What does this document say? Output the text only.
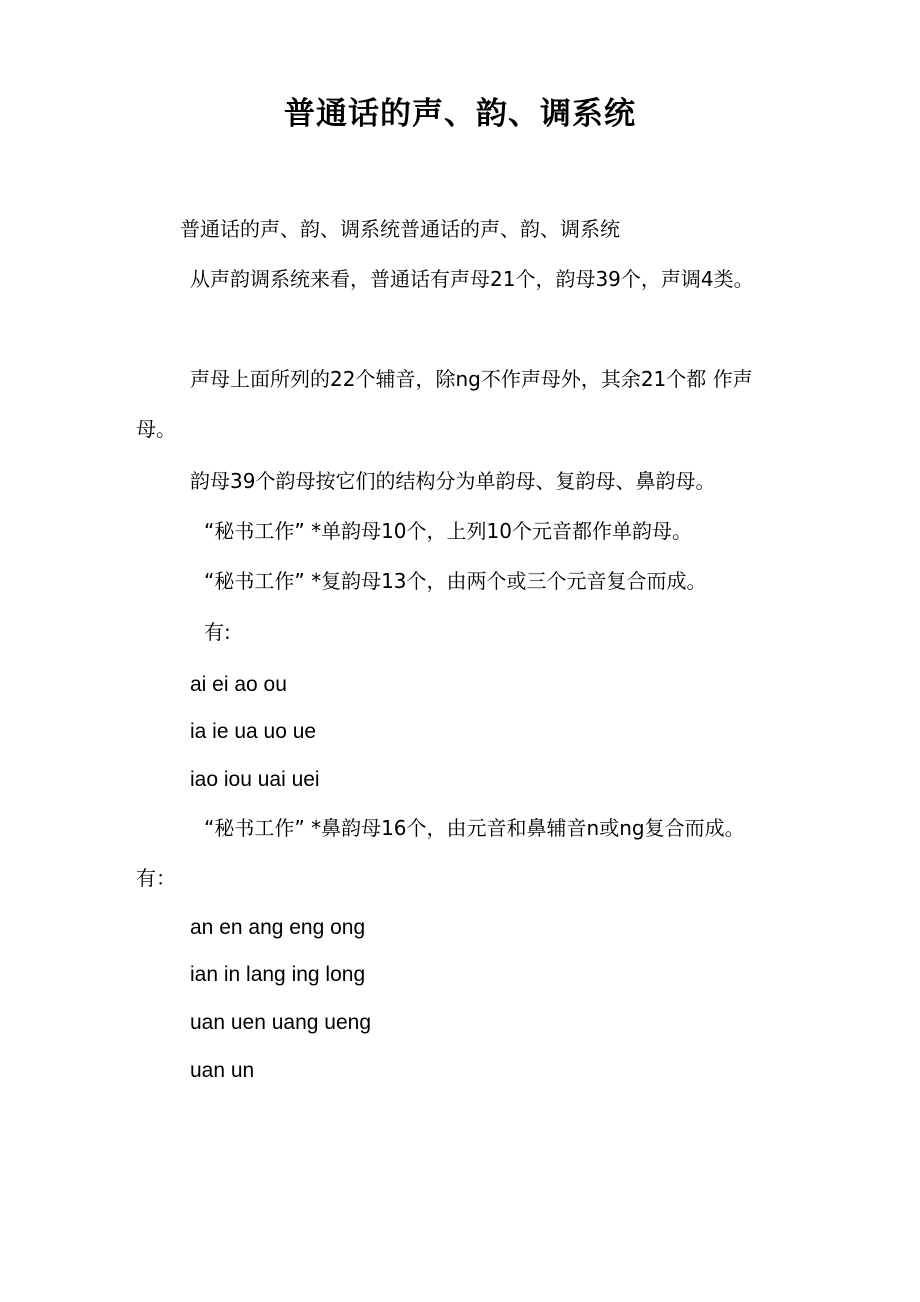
普通话的声、韵、调系统
普通话的声、韵、调系统普通话的声、韵、调系统
从声韵调系统来看，普通话有声母21个，韵母39个，声调4类。
声母上面所列的22个辅音，除ng不作声母外，其余21个都 作声母。
韵母39个韵母按它们的结构分为单韵母、复韵母、鼻韵母。
“秘书工作” *单韵母10个，上列10个元音都作单韵母。
“秘书工作” *复韵母13个，由两个或三个元音复合而成。
有:
ai ei ao ou
ia ie ua uo ue
iao iou uai uei
“秘书工作” *鼻韵母16个，由元音和鼻辅音n或ng复合而成。有：
an en ang eng ong
ian in lang ing long
uan uen uang ueng
uan un
